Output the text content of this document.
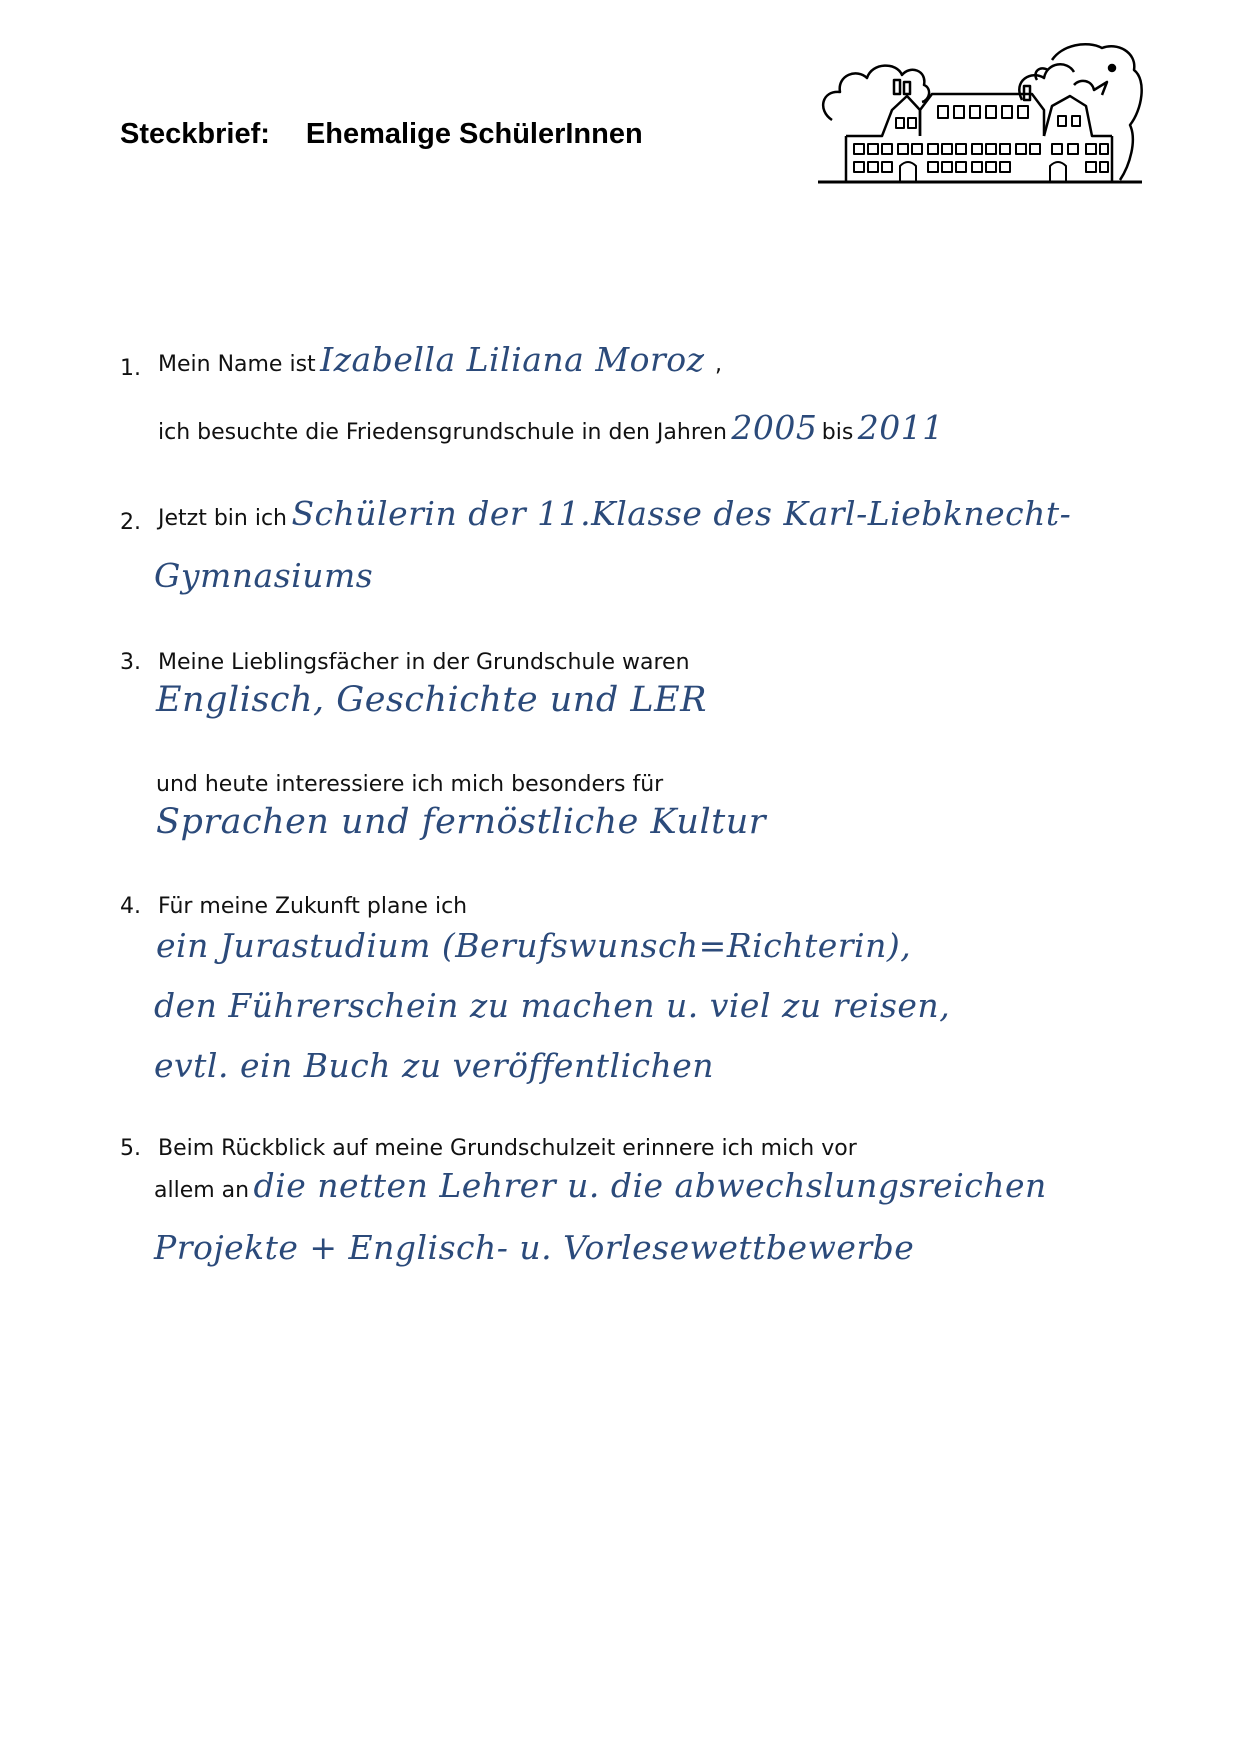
Steckbrief: Ehemalige SchülerInnen
1. Mein Name ist Izabella Liliana Moroz ,
ich besuchte die Friedensgrundschule in den Jahren 2005 bis 2011
2. Jetzt bin ich Schülerin der 11.Klasse des Karl-Liebknecht-
Gymnasiums
3. Meine Lieblingsfächer in der Grundschule waren
Englisch, Geschichte und LER
und heute interessiere ich mich besonders für
Sprachen und fernöstliche Kultur
4. Für meine Zukunft plane ich
ein Jurastudium (Berufswunsch=Richterin),
den Führerschein zu machen u. viel zu reisen,
evtl. ein Buch zu veröffentlichen
5. Beim Rückblick auf meine Grundschulzeit erinnere ich mich vor
allem an die netten Lehrer u. die abwechslungsreichen
Projekte + Englisch- u. Vorlesewettbewerbe
